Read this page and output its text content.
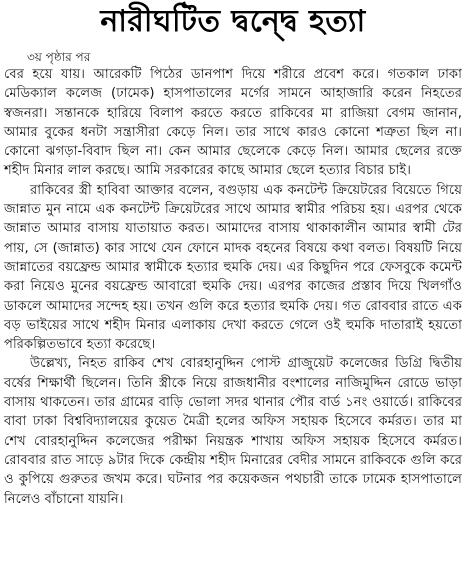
নারীঘটিত দ্বন্দ্বে হত্যা
৩য় পৃষ্ঠার পর

বের হয়ে যায়। আরেকটি পিঠের ডানপাশ দিয়ে শরীরে প্রবেশ করে। গতকাল ঢাকা মেডিক্যাল কলেজ (ঢামেক) হাসপাতালের মর্গের সামনে আহাজারি করেন নিহতের স্বজনরা। সন্তানকে হারিয়ে বিলাপ করতে করতে রাকিবের মা রাজিয়া বেগম জানান, আমার বুকের ধনটা সন্ত্রাসীরা কেড়ে নিল। তার সাথে কারও কোনো শত্রুতা ছিল না। কোনো ঝগড়া-বিবাদ ছিল না। কেন আমার ছেলেকে কেড়ে নিল। আমার ছেলের রক্তে শহীদ মিনার লাল করছে। আমি সরকারের কাছে আমার ছেলে হত্যার বিচার চাই।

রাকিবের স্ত্রী হাবিবা আক্তার বলেন, বগুড়ায় এক কনটেন্ট ক্রিয়েটরের বিয়েতে গিয়ে জান্নাত মুন নামে এক কনটেন্ট ক্রিয়েটরের সাথে আমার স্বামীর পরিচয় হয়। এরপর থেকে জান্নাত আমার বাসায় যাতায়াত করত। আমাদের বাসায় থাকাকালীন আমার স্বামী টের পায়, সে (জান্নাত) কার সাথে যেন ফোনে মাদক বহনের বিষয়ে কথা বলত। বিষয়টি নিয়ে জান্নাতের বয়ফ্রেন্ড আমার স্বামীকে হত্যার হুমকি দেয়। এর কিছুদিন পরে ফেসবুকে কমেন্ট করা নিয়েও মুনের বয়ফ্রেন্ড আবারো হুমকি দেয়। এরপর কাজের প্রস্তাব দিয়ে খিলগাঁও ডাকলে আমাদের সন্দেহ হয়। তখন গুলি করে হত্যার হুমকি দেয়। গত রোববার রাতে এক বড় ভাইয়ের সাথে শহীদ মিনার এলাকায় দেখা করতে গেলে ওই হুমকি দাতারাই হয়তো পরিকল্পিতভাবে হত্যা করেছে।

উল্লেখ্য, নিহত রাকিব শেখ বোরহানুদ্দিন পোস্ট গ্রাজুয়েট কলেজের ডিগ্রি দ্বিতীয় বর্ষের শিক্ষার্থী ছিলেন। তিনি স্ত্রীকে নিয়ে রাজধানীর বংশালের নাজিমুদ্দিন রোডে ভাড়া বাসায় থাকতেন। তার গ্রামের বাড়ি ভোলা সদর থানার পৌর বার্ড ১নং ওয়ার্ডে। রাকিবের বাবা ঢাকা বিশ্ববিদ্যালয়ের কুয়েত মৈত্রী হলের অফিস সহায়ক হিসেবে কর্মরত। তার মা শেখ বোরহানুদ্দিন কলেজের পরীক্ষা নিয়ন্ত্রক শাখায় অফিস সহায়ক হিসেবে কর্মরত। রোববার রাত সাড়ে ৯টার দিকে কেন্দ্রীয় শহীদ মিনারের বেদীর সামনে রাকিবকে গুলি করে ও কুপিয়ে গুরুতর জখম করে। ঘটনার পর কয়েকজন পথচারী তাকে ঢামেক হাসপাতালে নিলেও বাঁচানো যায়নি।
